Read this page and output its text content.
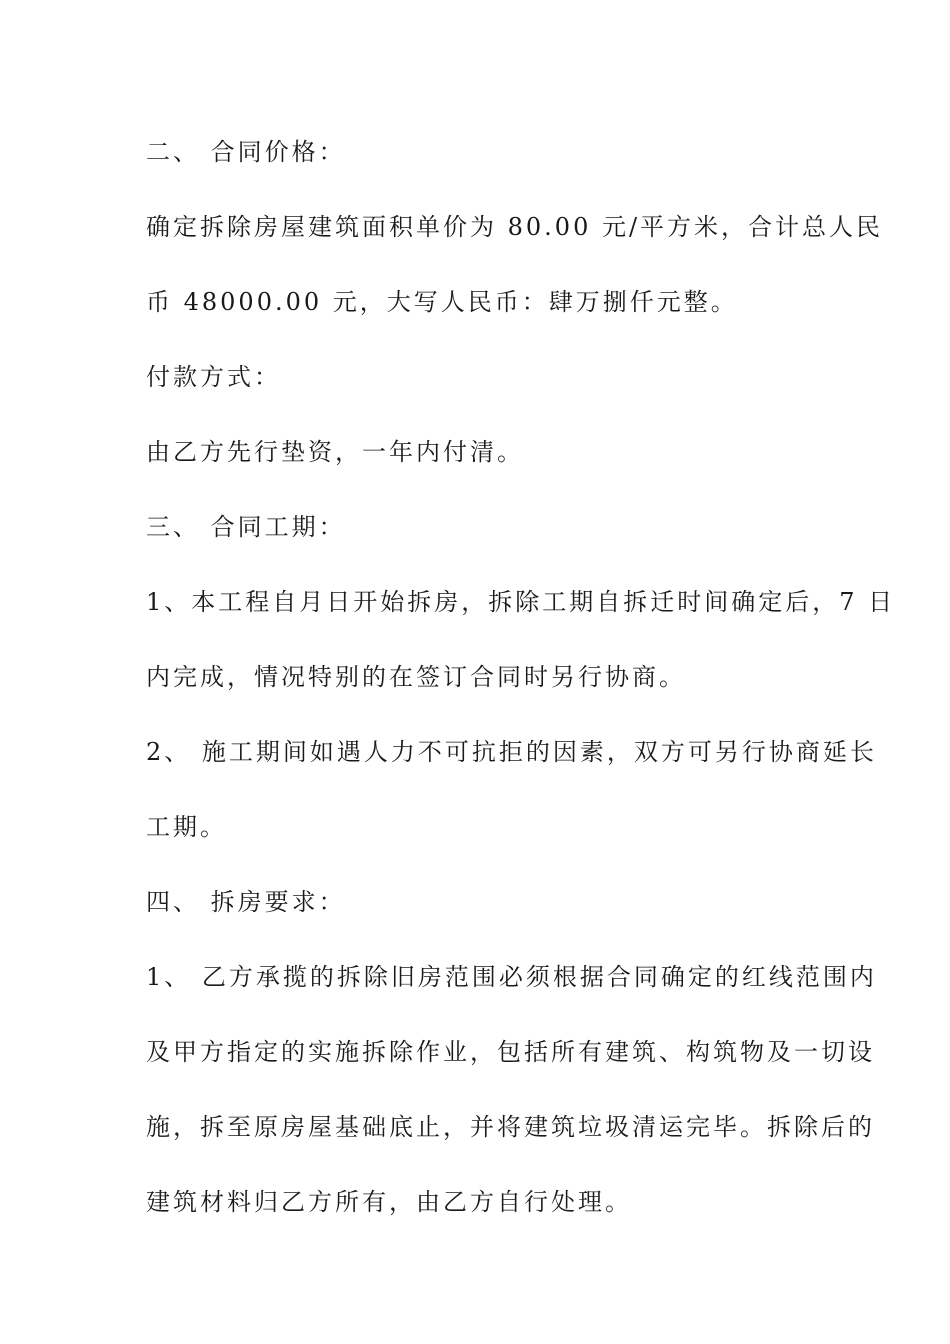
二、 合同价格：
确定拆除房屋建筑面积单价为 80.00 元/平方米，合计总人民
币 48000.00 元，大写人民币：肆万捌仟元整。
付款方式：
由乙方先行垫资，一年内付清。
三、 合同工期：
1、本工程自月日开始拆房，拆除工期自拆迁时间确定后，7 日
内完成，情况特别的在签订合同时另行协商。
2、 施工期间如遇人力不可抗拒的因素，双方可另行协商延长
工期。
四、 拆房要求：
1、 乙方承揽的拆除旧房范围必须根据合同确定的红线范围内
及甲方指定的实施拆除作业，包括所有建筑、构筑物及一切设
施，拆至原房屋基础底止，并将建筑垃圾清运完毕。拆除后的
建筑材料归乙方所有，由乙方自行处理。
